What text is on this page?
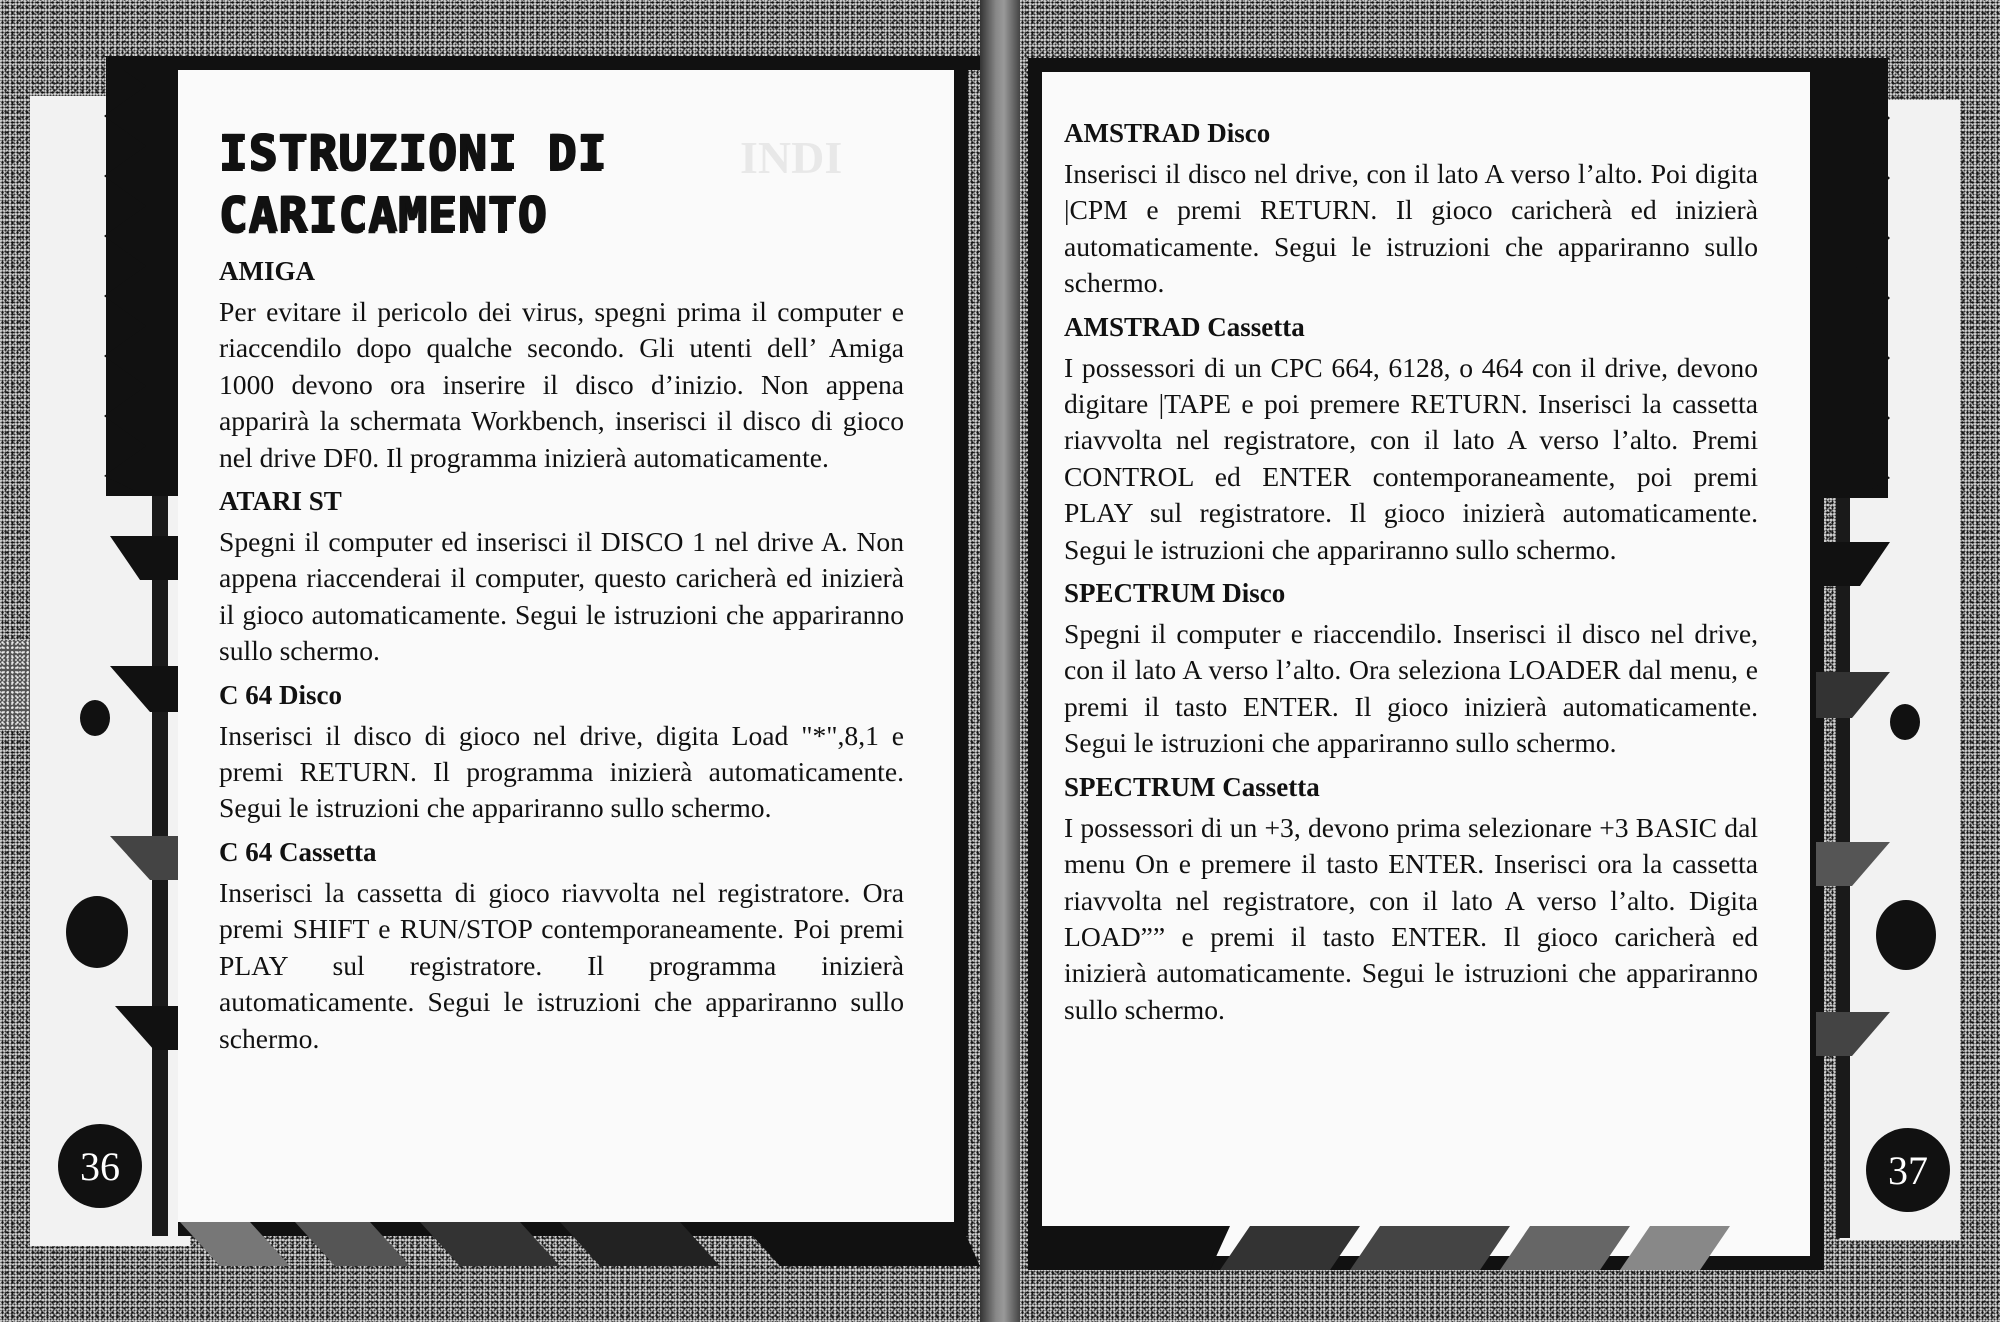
36
ISTRUZIONI DI
CARICAMENTO
AMIGA

Per evitare il pericolo dei virus, spegni prima il computer e riaccendilo dopo qualche secondo. Gli utenti dell’ Amiga 1000 devono ora inserire il disco d’inizio. Non appena apparirà la schermata Workbench, inserisci il disco di gioco nel drive DF0. Il programma inizierà automaticamente.

ATARI ST

Spegni il computer ed inserisci il DISCO 1 nel drive A. Non appena riaccenderai il computer, questo caricherà ed inizierà il gioco automaticamente. Segui le istruzioni che appariranno sullo schermo.

C 64 Disco

Inserisci il disco di gioco nel drive, digita Load "*",8,1 e premi RETURN. Il programma inizierà automaticamente. Segui le istruzioni che appariranno sullo schermo.

C 64 Cassetta

Inserisci la cassetta di gioco riavvolta nel registratore. Ora premi SHIFT e RUN/STOP contemporaneamente. Poi premi PLAY sul registratore. Il programma inizierà automaticamente. Segui le istruzioni che appariranno sullo schermo.

37
AMSTRAD Disco

Inserisci il disco nel drive, con il lato A verso l’alto. Poi digita |CPM e premi RETURN. Il gioco caricherà ed inizierà automaticamente. Segui le istruzioni che appariranno sullo schermo.

AMSTRAD Cassetta

I possessori di un CPC 664, 6128, o 464 con il drive, devono digitare |TAPE e poi premere RETURN. Inserisci la cassetta riavvolta nel registratore, con il lato A verso l’alto. Premi CONTROL ed ENTER contemporaneamente, poi premi PLAY sul registratore. Il gioco inizierà automaticamente. Segui le istruzioni che appariranno sullo schermo.

SPECTRUM Disco

Spegni il computer e riaccendilo. Inserisci il disco nel drive, con il lato A verso l’alto. Ora seleziona LOADER dal menu, e premi il tasto ENTER. Il gioco inizierà automaticamente. Segui le istruzioni che appariranno sullo schermo.

SPECTRUM Cassetta

I possessori di un +3, devono prima selezionare +3 BASIC dal menu On e premere il tasto ENTER. Inserisci ora la cassetta riavvolta nel registratore, con il lato A verso l’alto. Digita LOAD”” e premi il tasto ENTER. Il gioco caricherà ed inizierà automaticamente. Segui le istruzioni che appariranno sullo schermo.
